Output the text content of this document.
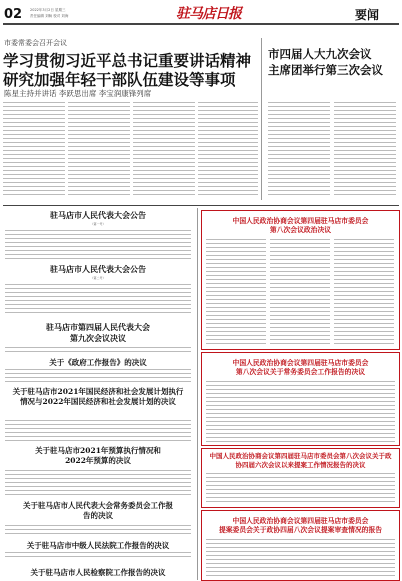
02 2022年3月2日 星期三
责任编辑 刘畅 校对 刘海	驻马店日报	要闻
市委常委会召开会议
学习贯彻习近平总书记重要讲话精神
研究加强年轻干部队伍建设等事项
陈星主持并讲话 李跃思出席 李宝润康锋列席
市四届人大九次会议
主席团举行第三次会议
驻马店市人民代表大会公告
（第一号）
驻马店市人民代表大会公告
（第二号）
驻马店市第四届人民代表大会
第九次会议决议
关于《政府工作报告》的决议
关于驻马店市2021年国民经济和社会发展计划执行情况与2022年国民经济和社会发展计划的决议
关于驻马店市2021年预算执行情况和2022年预算的决议
关于驻马店市人民代表大会常务委员会工作报告的决议
关于驻马店市中级人民法院工作报告的决议
关于驻马店市人民检察院工作报告的决议
中国人民政治协商会议第四届驻马店市委员会
第八次会议政治决议
中国人民政治协商会议第四届驻马店市委员会
第八次会议关于常务委员会工作报告的决议
中国人民政治协商会议第四届驻马店市委员会第八次会议关于政协四届六次会议以来提案工作情况报告的决议
中国人民政治协商会议第四届驻马店市委员会
提案委员会关于政协四届八次会议提案审查情况的报告
